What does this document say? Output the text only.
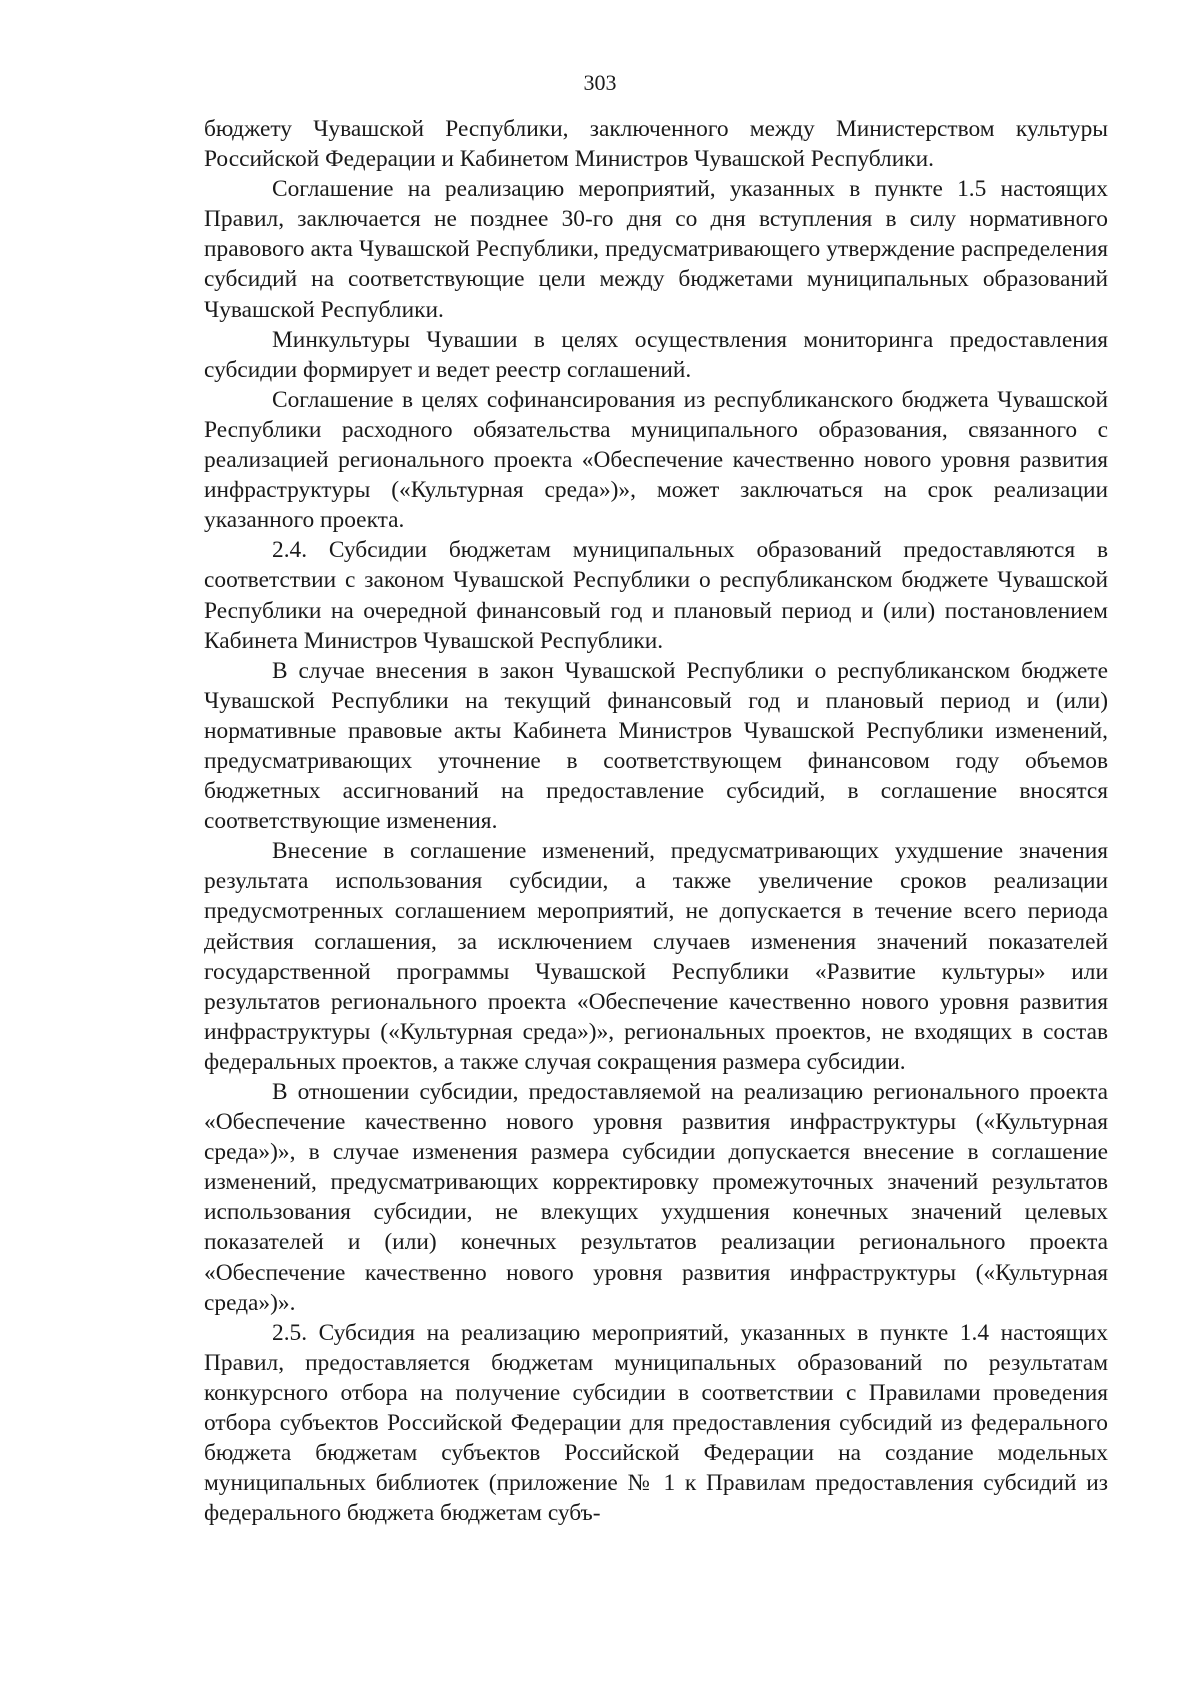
303

бюджету Чувашской Республики, заключенного между Министерством культуры Российской Федерации и Кабинетом Министров Чувашской Республики.

Соглашение на реализацию мероприятий, указанных в пункте 1.5 настоящих Правил, заключается не позднее 30-го дня со дня вступления в силу нормативного правового акта Чувашской Республики, предусматривающего утверждение распределения субсидий на соответствующие цели между бюджетами муниципальных образований Чувашской Республики.

Минкультуры Чувашии в целях осуществления мониторинга предоставления субсидии формирует и ведет реестр соглашений.

Соглашение в целях софинансирования из республиканского бюджета Чувашской Республики расходного обязательства муниципального образования, связанного с реализацией регионального проекта «Обеспечение качественно нового уровня развития инфраструктуры («Культурная среда»)», может заключаться на срок реализации указанного проекта.

2.4. Субсидии бюджетам муниципальных образований предоставляются в соответствии с законом Чувашской Республики о республиканском бюджете Чувашской Республики на очередной финансовый год и плановый период и (или) постановлением Кабинета Министров Чувашской Республики.

В случае внесения в закон Чувашской Республики о республиканском бюджете Чувашской Республики на текущий финансовый год и плановый период и (или) нормативные правовые акты Кабинета Министров Чувашской Республики изменений, предусматривающих уточнение в соответствующем финансовом году объемов бюджетных ассигнований на предоставление субсидий, в соглашение вносятся соответствующие изменения.

Внесение в соглашение изменений, предусматривающих ухудшение значения результата использования субсидии, а также увеличение сроков реализации предусмотренных соглашением мероприятий, не допускается в течение всего периода действия соглашения, за исключением случаев изменения значений показателей государственной программы Чувашской Республики «Развитие культуры» или результатов регионального проекта «Обеспечение качественно нового уровня развития инфраструктуры («Культурная среда»)», региональных проектов, не входящих в состав федеральных проектов, а также случая сокращения размера субсидии.

В отношении субсидии, предоставляемой на реализацию регионального проекта «Обеспечение качественно нового уровня развития инфраструктуры («Культурная среда»)», в случае изменения размера субсидии допускается внесение в соглашение изменений, предусматривающих корректировку промежуточных значений результатов использования субсидии, не влекущих ухудшения конечных значений целевых показателей и (или) конечных результатов реализации регионального проекта «Обеспечение качественно нового уровня развития инфраструктуры («Культурная среда»)».

2.5. Субсидия на реализацию мероприятий, указанных в пункте 1.4 настоящих Правил, предоставляется бюджетам муниципальных образований по результатам конкурсного отбора на получение субсидии в соответствии с Правилами проведения отбора субъектов Российской Федерации для предоставления субсидий из федерального бюджета бюджетам субъектов Российской Федерации на создание модельных муниципальных библиотек (приложение № 1 к Правилам предоставления субсидий из федерального бюджета бюджетам субъ-
